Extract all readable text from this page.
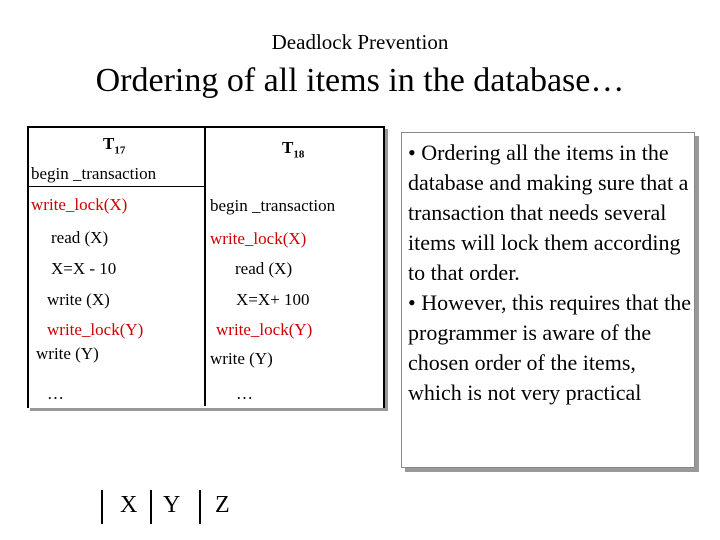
Deadlock Prevention
Ordering of all items in the database…
$T_{17}$	$T_{18}$
begin _transaction
write_lock(X)
read (X)
X=X - 10
write (X)
write_lock(Y)
write (Y)
…
begin _transaction
write_lock(X)
read (X)
X=X+ 100
write_lock(Y)
write (Y)
…
X Y Z

• Ordering all the items in the database and making sure that a transaction that needs several items will lock them according to that order.

• However, this requires that the programmer is aware of the chosen order of the items, which is not very practical
